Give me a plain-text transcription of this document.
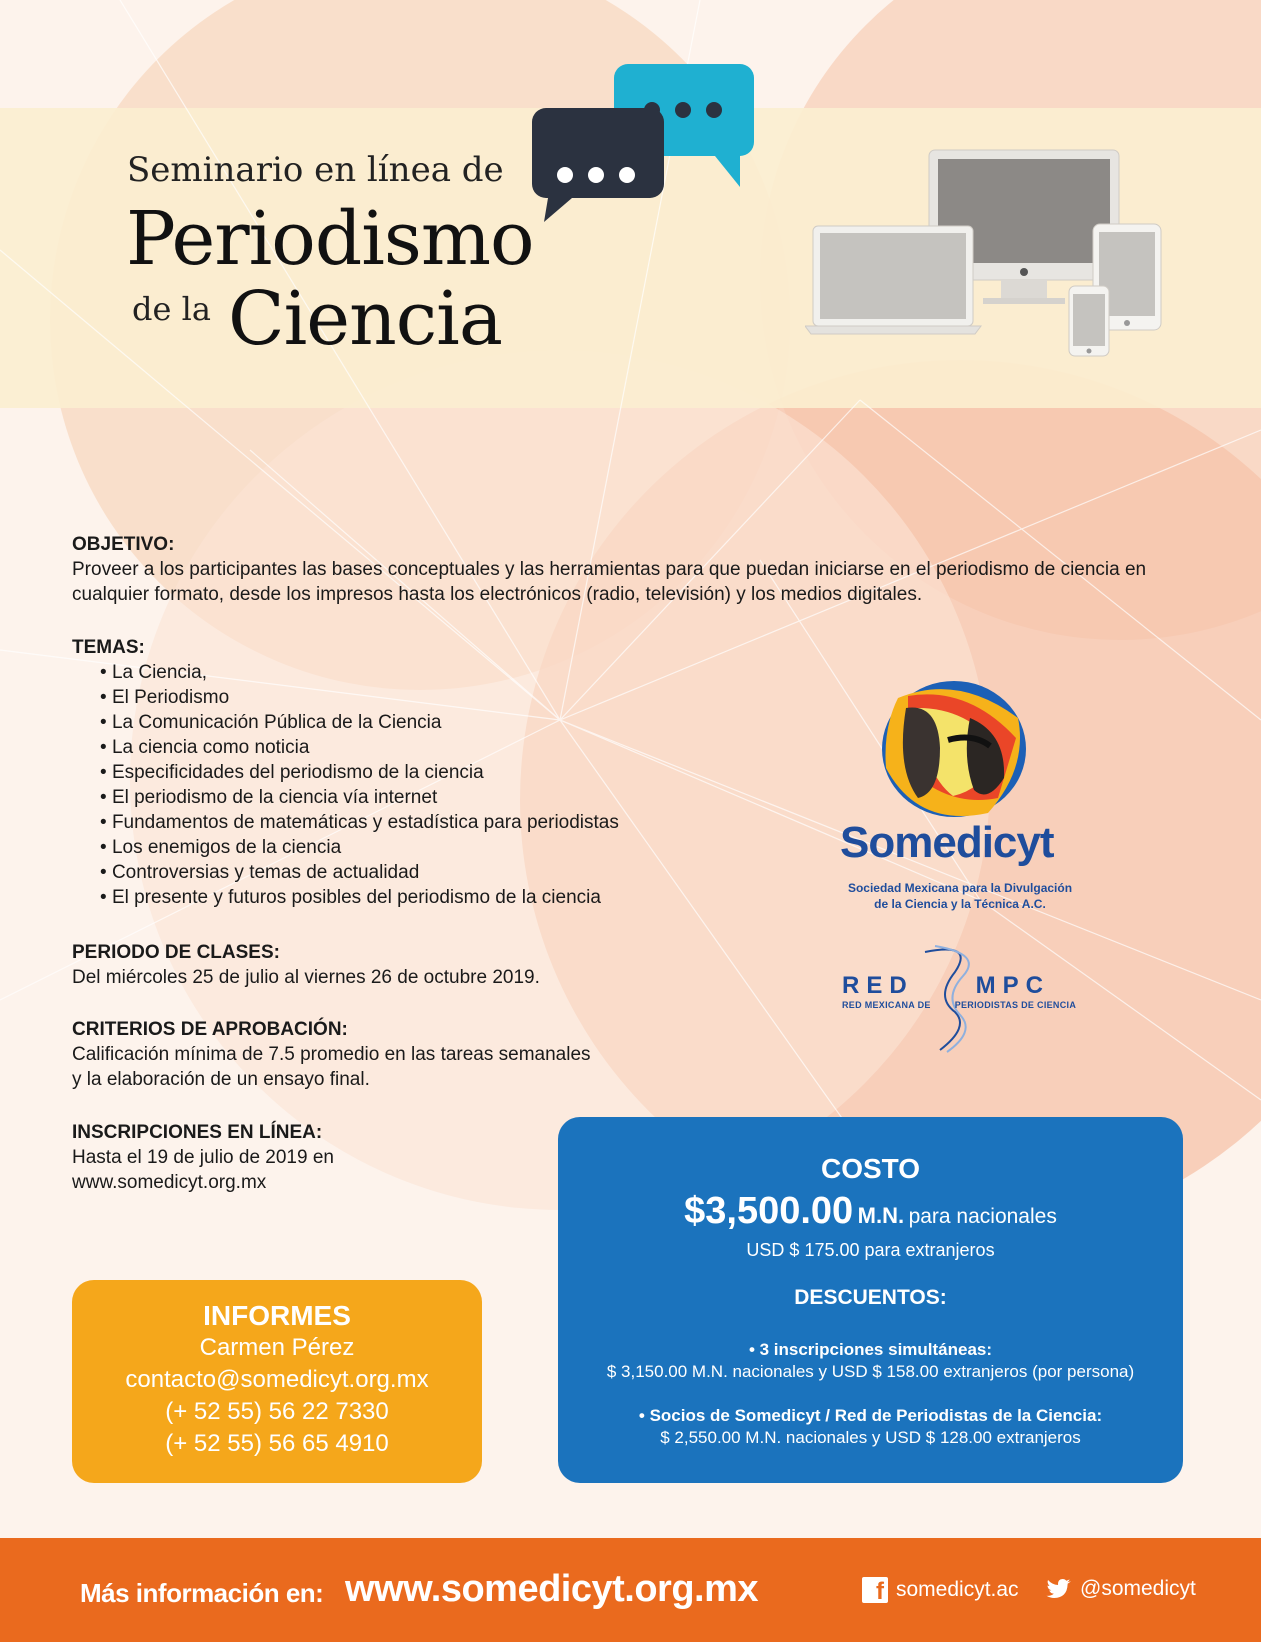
Seminario en línea de
Periodismo
de la Ciencia
OBJETIVO:
Proveer a los participantes las bases conceptuales y las herramientas para que puedan iniciarse en el periodismo de ciencia en cualquier formato, desde los impresos hasta los electrónicos (radio, televisión) y los medios digitales.
TEMAS:
• La Ciencia,
• El Periodismo
• La Comunicación Pública de la Ciencia
• La ciencia como noticia
• Especificidades del periodismo de la ciencia
• El periodismo de la ciencia vía internet
• Fundamentos de matemáticas y estadística para periodistas
• Los enemigos de la ciencia
• Controversias y temas de actualidad
• El presente y futuros posibles del periodismo de la ciencia
PERIODO DE CLASES:
Del miércoles 25 de julio al viernes 26 de octubre 2019.
CRITERIOS DE APROBACIÓN:
Calificación mínima de 7.5 promedio en las tareas semanales
y la elaboración de un ensayo final.
INSCRIPCIONES EN LÍNEA:
Hasta el 19 de julio de 2019 en
www.somedicyt.org.mx
Somedicyt
Sociedad Mexicana para la Divulgación
de la Ciencia y la Técnica A.C.
RED	MPC
RED MEXICANA DE	PERIODISTAS DE CIENCIA
INFORMES
Carmen Pérez
contacto@somedicyt.org.mx
(+ 52 55) 56 22 7330
(+ 52 55) 56 65 4910
COSTO
$3,500.00 M.N. para nacionales
USD $ 175.00 para extranjeros
DESCUENTOS:
• 3 inscripciones simultáneas:
$ 3,150.00 M.N. nacionales y USD $ 158.00 extranjeros (por persona)
• Socios de Somedicyt / Red de Periodistas de la Ciencia:
$ 2,550.00 M.N. nacionales y USD $ 128.00 extranjeros
Más información en: www.somedicyt.org.mx	f somedicyt.ac	@somedicyt
